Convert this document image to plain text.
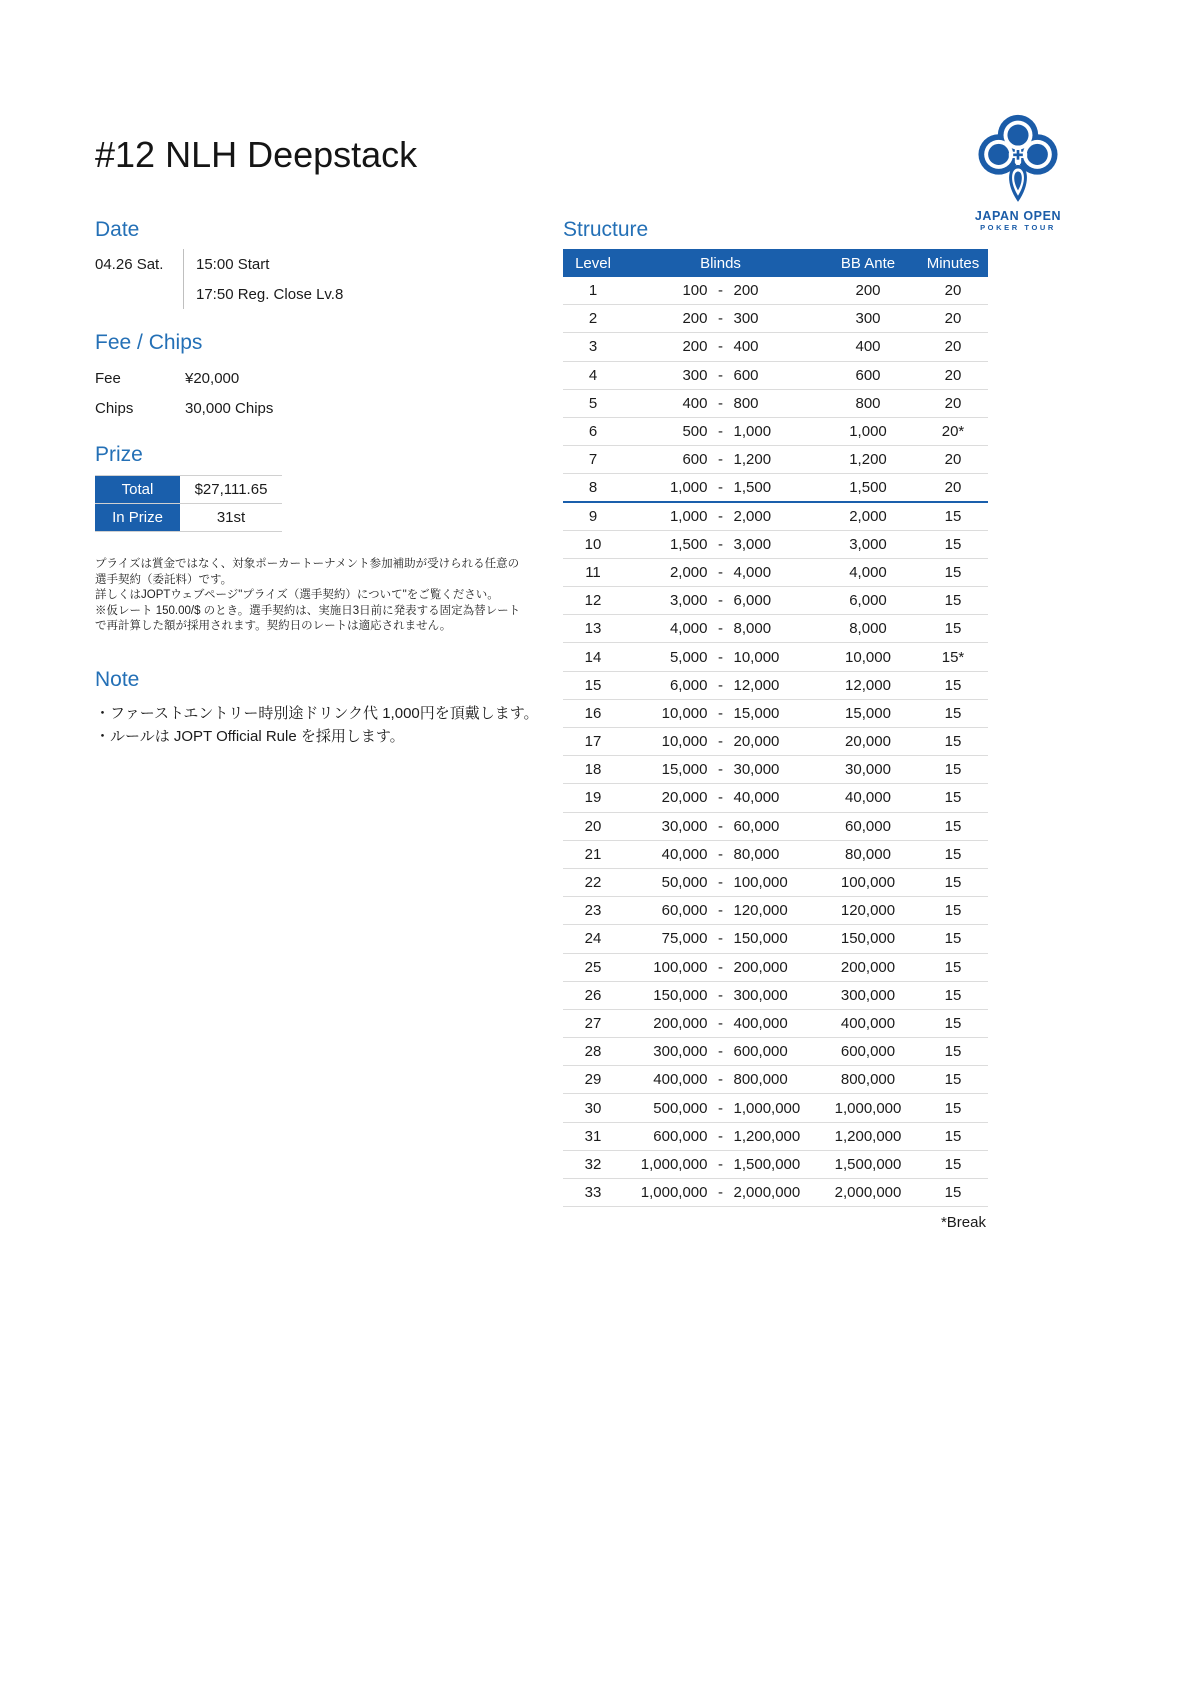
#12 NLH Deepstack
JAPAN OPEN
POKER TOUR
Date
04.26 Sat.	15:00 Start
17:50 Reg. Close Lv.8
Fee / Chips
Fee	¥20,000
Chips	30,000 Chips
Prize
Total	$27,111.65
In Prize	31st

プライズは賞金ではなく、対象ポーカートーナメント参加補助が受けられる任意の選手契約（委託料）です。

詳しくはJOPTウェブページ"プライズ（選手契約）について"をご覧ください。

※仮レート 150.00/$ のとき。選手契約は、実施日3日前に発表する固定為替レートで再計算した額が採用されます。契約日のレートは適応されません。

Note
・ファーストエントリー時別途ドリンク代 1,000円を頂戴します。
・ルールは JOPT Official Rule を採用します。
Structure
Level	Blinds	BB Ante	Minutes
1	100 - 200	200	20
2	200 - 300	300	20
3	200 - 400	400	20
4	300 - 600	600	20
5	400 - 800	800	20
6	500 - 1,000	1,000	20*
7	600 - 1,200	1,200	20
8	1,000 - 1,500	1,500	20
9	1,000 - 2,000	2,000	15
10	1,500 - 3,000	3,000	15
11	2,000 - 4,000	4,000	15
12	3,000 - 6,000	6,000	15
13	4,000 - 8,000	8,000	15
14	5,000 - 10,000	10,000	15*
15	6,000 - 12,000	12,000	15
16	10,000 - 15,000	15,000	15
17	10,000 - 20,000	20,000	15
18	15,000 - 30,000	30,000	15
19	20,000 - 40,000	40,000	15
20	30,000 - 60,000	60,000	15
21	40,000 - 80,000	80,000	15
22	50,000 - 100,000	100,000	15
23	60,000 - 120,000	120,000	15
24	75,000 - 150,000	150,000	15
25	100,000 - 200,000	200,000	15
26	150,000 - 300,000	300,000	15
27	200,000 - 400,000	400,000	15
28	300,000 - 600,000	600,000	15
29	400,000 - 800,000	800,000	15
30	500,000 - 1,000,000	1,000,000	15
31	600,000 - 1,200,000	1,200,000	15
32	1,000,000 - 1,500,000	1,500,000	15
33	1,000,000 - 2,000,000	2,000,000	15
*Break
